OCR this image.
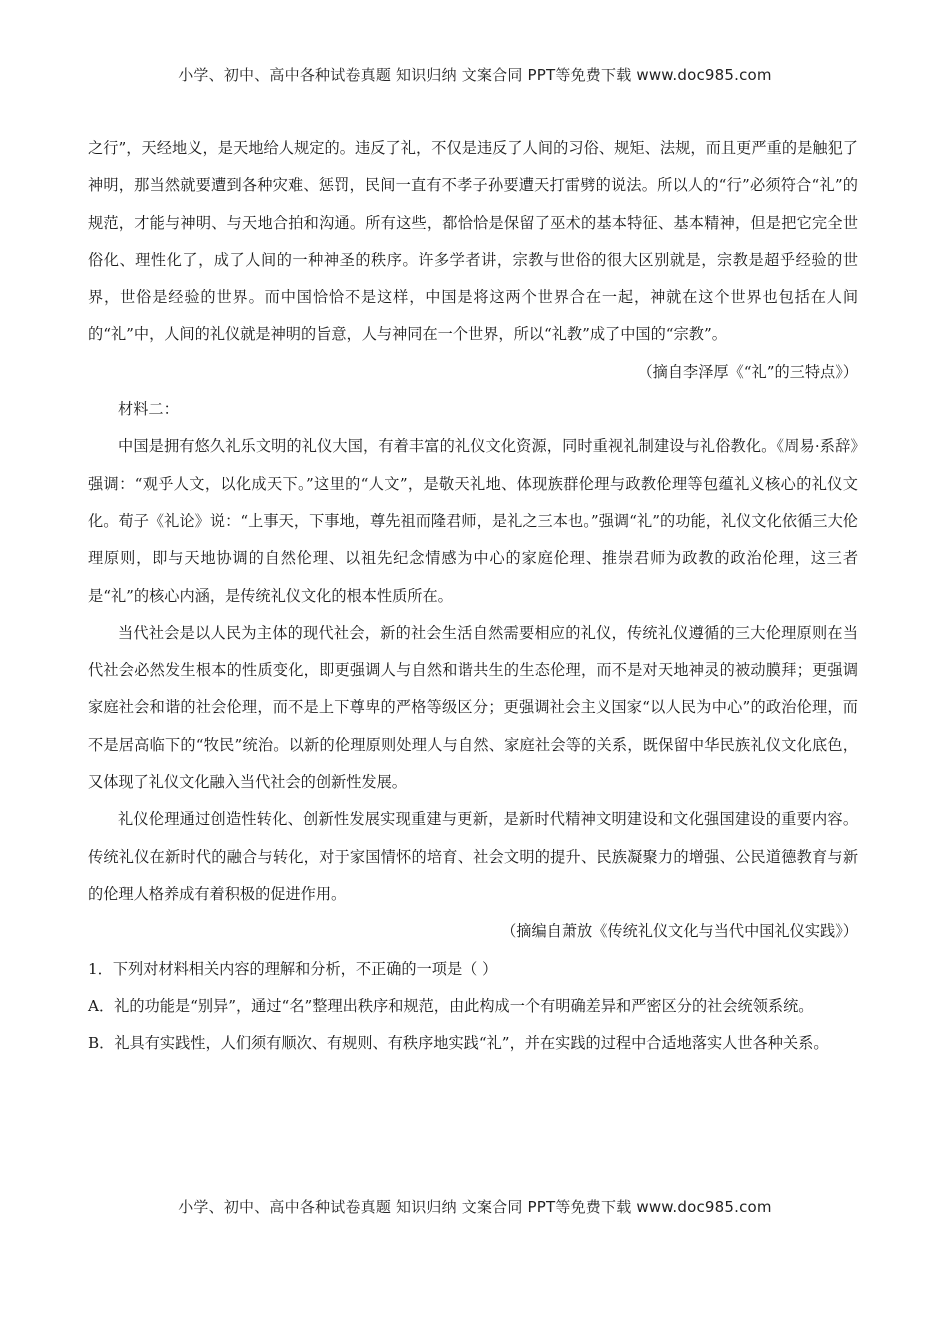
小学、初中、高中各种试卷真题 知识归纳 文案合同 PPT等免费下载 www.doc985.com

之行”，天经地义，是天地给人规定的。违反了礼，不仅是违反了人间的习俗、规矩、法规，而且更严重的是触犯了神明，那当然就要遭到各种灾难、惩罚，民间一直有不孝子孙要遭天打雷劈的说法。所以人的“行”必须符合“礼”的规范，才能与神明、与天地合拍和沟通。所有这些，都恰恰是保留了巫术的基本特征、基本精神，但是把它完全世俗化、理性化了，成了人间的一种神圣的秩序。许多学者讲，宗教与世俗的很大区别就是，宗教是超乎经验的世界，世俗是经验的世界。而中国恰恰不是这样，中国是将这两个世界合在一起，神就在这个世界也包括在人间的“礼”中，人间的礼仪就是神明的旨意，人与神同在一个世界，所以“礼教”成了中国的“宗教”。

（摘自李泽厚《“礼”的三特点》）

材料二：

中国是拥有悠久礼乐文明的礼仪大国，有着丰富的礼仪文化资源，同时重视礼制建设与礼俗教化。《周易·系辞》强调：“观乎人文，以化成天下。”这里的“人文”，是敬天礼地、体现族群伦理与政教伦理等包蕴礼义核心的礼仪文化。荀子《礼论》说：“上事天，下事地，尊先祖而隆君师，是礼之三本也。”强调“礼”的功能，礼仪文化依循三大伦理原则，即与天地协调的自然伦理、以祖先纪念情感为中心的家庭伦理、推崇君师为政教的政治伦理，这三者是“礼”的核心内涵，是传统礼仪文化的根本性质所在。

当代社会是以人民为主体的现代社会，新的社会生活自然需要相应的礼仪，传统礼仪遵循的三大伦理原则在当代社会必然发生根本的性质变化，即更强调人与自然和谐共生的生态伦理，而不是对天地神灵的被动膜拜；更强调家庭社会和谐的社会伦理，而不是上下尊卑的严格等级区分；更强调社会主义国家“以人民为中心”的政治伦理，而不是居高临下的“牧民”统治。以新的伦理原则处理人与自然、家庭社会等的关系，既保留中华民族礼仪文化底色，又体现了礼仪文化融入当代社会的创新性发展。

礼仪伦理通过创造性转化、创新性发展实现重建与更新，是新时代精神文明建设和文化强国建设的重要内容。传统礼仪在新时代的融合与转化，对于家国情怀的培育、社会文明的提升、民族凝聚力的增强、公民道德教育与新的伦理人格养成有着积极的促进作用。

（摘编自萧放《传统礼仪文化与当代中国礼仪实践》）

1．下列对材料相关内容的理解和分析，不正确的一项是（ ）

A．礼的功能是“别异”，通过“名”整理出秩序和规范，由此构成一个有明确差异和严密区分的社会统领系统。

B．礼具有实践性，人们须有顺次、有规则、有秩序地实践“礼”，并在实践的过程中合适地落实人世各种关系。

小学、初中、高中各种试卷真题 知识归纳 文案合同 PPT等免费下载 www.doc985.com
